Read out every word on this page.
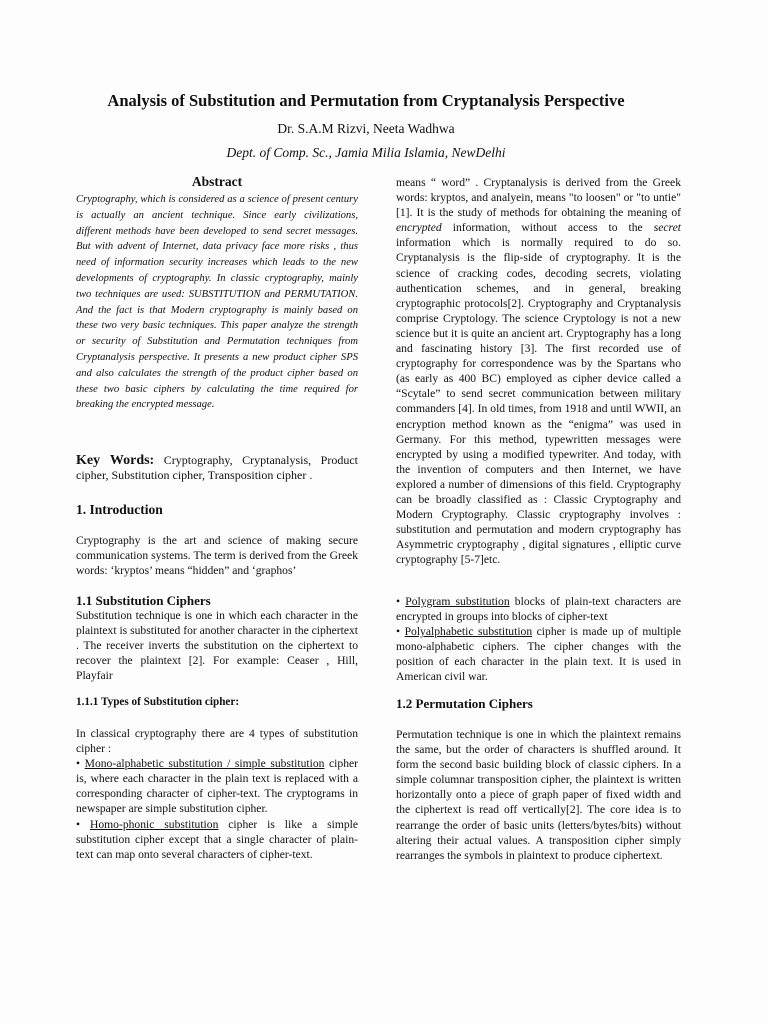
Analysis of Substitution and Permutation from Cryptanalysis Perspective
Dr. S.A.M Rizvi, Neeta Wadhwa
Dept. of Comp. Sc., Jamia Milia Islamia, NewDelhi
Abstract
Cryptography, which is considered as a science of present century is actually an ancient technique. Since early civilizations, different methods have been developed to send secret messages. But with advent of Internet, data privacy face more risks , thus need of information security increases which leads to the new developments of cryptography. In classic cryptography, mainly two techniques are used: SUBSTITUTION and PERMUTATION. And the fact is that Modern cryptography is mainly based on these two very basic techniques. This paper analyze the strength or security of Substitution and Permutation techniques from Cryptanalysis perspective. It presents a new product cipher SPS and also calculates the strength of the product cipher based on these two basic ciphers by calculating the time required for breaking the encrypted message.
Key Words: Cryptography, Cryptanalysis, Product cipher, Substitution cipher, Transposition cipher .
1. Introduction
Cryptography is the art and science of making secure communication systems. The term is derived from the Greek words: ‘kryptos’ means “hidden” and ‘graphos’
1.1 Substitution Ciphers
Substitution technique is one in which each character in the plaintext is substituted for another character in the ciphertext . The receiver inverts the substitution on the ciphertext to recover the plaintext [2]. For example: Ceaser , Hill, Playfair
1.1.1 Types of Substitution cipher:

In classical cryptography there are 4 types of substitution cipher :

• Mono-alphabetic substitution / simple substitution cipher is, where each character in the plain text is replaced with a corresponding character of cipher-text. The cryptograms in newspaper are simple substitution cipher.

• Homo-phonic substitution cipher is like a simple substitution cipher except that a single character of plain-text can map onto several characters of cipher-text.

means “ word” . Cryptanalysis is derived from the Greek words: kryptos, and analyein, means "to loosen" or "to untie" [1]. It is the study of methods for obtaining the meaning of encrypted information, without access to the secret information which is normally required to do so. Cryptanalysis is the flip-side of cryptography. It is the science of cracking codes, decoding secrets, violating authentication schemes, and in general, breaking cryptographic protocols[2]. Cryptography and Cryptanalysis comprise Cryptology. The science Cryptology is not a new science but it is quite an ancient art. Cryptography has a long and fascinating history [3]. The first recorded use of cryptography for correspondence was by the Spartans who (as early as 400 BC) employed as cipher device called a “Scytale” to send secret communication between military commanders [4]. In old times, from 1918 and until WWII, an encryption method known as the “enigma” was used in Germany. For this method, typewritten messages were encrypted by using a modified typewriter. And today, with the invention of computers and then Internet, we have explored a number of dimensions of this field. Cryptography can be broadly classified as : Classic Cryptography and Modern Cryptography. Classic cryptography involves : substitution and permutation and modern cryptography has Asymmetric cryptography , digital signatures , elliptic curve cryptography [5-7]etc.

• Polygram substitution blocks of plain-text characters are encrypted in groups into blocks of cipher-text

• Polyalphabetic substitution cipher is made up of multiple mono-alphabetic ciphers. The cipher changes with the position of each character in the plain text. It is used in American civil war.

1.2 Permutation Ciphers
Permutation technique is one in which the plaintext remains the same, but the order of characters is shuffled around. It form the second basic building block of classic ciphers. In a simple columnar transposition cipher, the plaintext is written horizontally onto a piece of graph paper of fixed width and the ciphertext is read off vertically[2]. The core idea is to rearrange the order of basic units (letters/bytes/bits) without altering their actual values. A transposition cipher simply rearranges the symbols in plaintext to produce ciphertext.
